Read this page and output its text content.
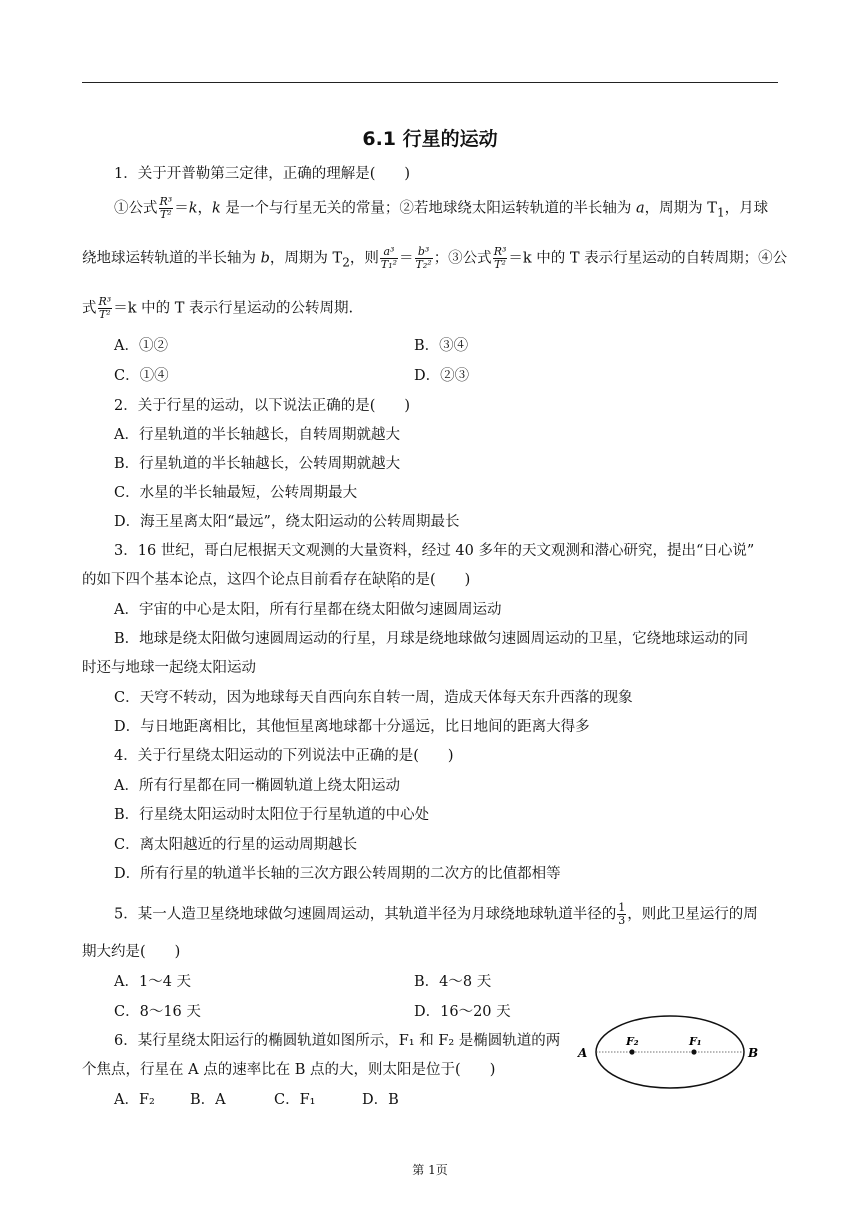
6.1 行星的运动
1．关于开普勒第三定律，正确的理解是(　　)
①公式 $\frac{\text{R³}}{\text{T²}} =k$，k 是一个与行星无关的常量；②若地球绕太阳运转轨道的半长轴为 a，周期为 $T_1$，月球
绕地球运转轨道的半长轴为 b，周期为 $T_2$，则 $\frac{\text{a³}}{\text{T₁²}} = \frac{\text{b³}}{\text{T₂²}}$ ；③公式 $\frac{\text{R³}}{\text{T²}} =k$ 中的 T 表示行星运动的自转周期；④公
式 $\frac{\text{R³}}{\text{T²}} =k$ 中的 T 表示行星运动的公转周期.
A．①②	B．③④
C．①④	D．②③
2．关于行星的运动，以下说法正确的是(　　)
A．行星轨道的半长轴越长，自转周期就越大
B．行星轨道的半长轴越长，公转周期就越大
C．水星的半长轴最短，公转周期最大
D．海王星离太阳“最远”，绕太阳运动的公转周期最长
3．16 世纪，哥白尼根据天文观测的大量资料，经过 40 多年的天文观测和潜心研究，提出“日心说”
的如下四个基本论点，这四个论点目前看存在缺陷的是(　　)
A．宇宙的中心是太阳，所有行星都在绕太阳做匀速圆周运动
B．地球是绕太阳做匀速圆周运动的行星，月球是绕地球做匀速圆周运动的卫星，它绕地球运动的同
时还与地球一起绕太阳运动
C．天穹不转动，因为地球每天自西向东自转一周，造成天体每天东升西落的现象
D．与日地距离相比，其他恒星离地球都十分遥远，比日地间的距离大得多
4．关于行星绕太阳运动的下列说法中正确的是(　　)
A．所有行星都在同一椭圆轨道上绕太阳运动
B．行星绕太阳运动时太阳位于行星轨道的中心处
C．离太阳越近的行星的运动周期越长
D．所有行星的轨道半长轴的三次方跟公转周期的二次方的比值都相等
5．某一人造卫星绕地球做匀速圆周运动，其轨道半径为月球绕地球轨道半径的 $\frac{1}{3}$ ，则此卫星运行的周
期大约是(　　)
A．1～4 天	B．4～8 天
C．8～16 天	D．16～20 天
6．某行星绕太阳运行的椭圆轨道如图所示，F₁ 和 F₂ 是椭圆轨道的两
个焦点，行星在 A 点的速率比在 B 点的大，则太阳是位于(　　)
A．F₂ B．A	C．F₁	D．B
A	B
F₂	F₁
第 1页
